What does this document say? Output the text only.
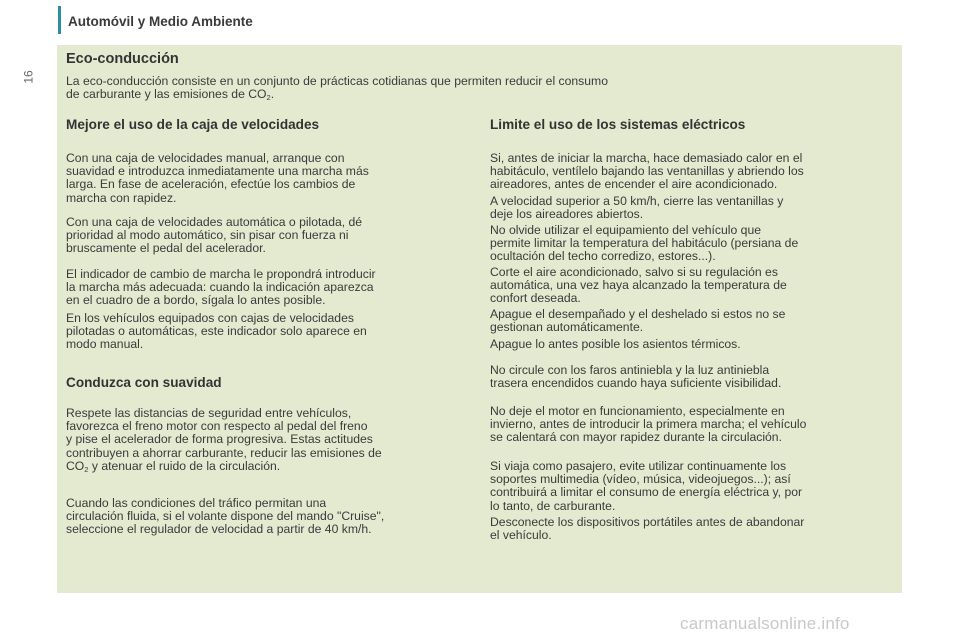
Automóvil y Medio Ambiente
16
Eco-conducción

La eco-conducción consiste en un conjunto de prácticas cotidianas que permiten reducir el consumo
de carburante y las emisiones de $CO_2$.

Mejore el uso de la caja de velocidades

Con una caja de velocidades manual, arranque con
suavidad e introduzca inmediatamente una marcha más
larga. En fase de aceleración, efectúe los cambios de
marcha con rapidez.

Con una caja de velocidades automática o pilotada, dé
prioridad al modo automático, sin pisar con fuerza ni
bruscamente el pedal del acelerador.

El indicador de cambio de marcha le propondrá introducir
la marcha más adecuada: cuando la indicación aparezca
en el cuadro de a bordo, sígala lo antes posible.

En los vehículos equipados con cajas de velocidades
pilotadas o automáticas, este indicador solo aparece en
modo manual.

Conduzca con suavidad

Respete las distancias de seguridad entre vehículos,
favorezca el freno motor con respecto al pedal del freno
y pise el acelerador de forma progresiva. Estas actitudes
contribuyen a ahorrar carburante, reducir las emisiones de
$CO_2$ y atenuar el ruido de la circulación.

Cuando las condiciones del tráfico permitan una
circulación fluida, si el volante dispone del mando "Cruise",
seleccione el regulador de velocidad a partir de 40 km/h.

Limite el uso de los sistemas eléctricos

Si, antes de iniciar la marcha, hace demasiado calor en el
habitáculo, ventílelo bajando las ventanillas y abriendo los
aireadores, antes de encender el aire acondicionado.

A velocidad superior a 50 km/h, cierre las ventanillas y
deje los aireadores abiertos.

No olvide utilizar el equipamiento del vehículo que
permite limitar la temperatura del habitáculo (persiana de
ocultación del techo corredizo, estores...).

Corte el aire acondicionado, salvo si su regulación es
automática, una vez haya alcanzado la temperatura de
confort deseada.

Apague el desempañado y el deshelado si estos no se
gestionan automáticamente.

Apague lo antes posible los asientos térmicos.

No circule con los faros antiniebla y la luz antiniebla
trasera encendidos cuando haya suficiente visibilidad.

No deje el motor en funcionamiento, especialmente en
invierno, antes de introducir la primera marcha; el vehículo
se calentará con mayor rapidez durante la circulación.

Si viaja como pasajero, evite utilizar continuamente los
soportes multimedia (vídeo, música, videojuegos...); así
contribuirá a limitar el consumo de energía eléctrica y, por
lo tanto, de carburante.

Desconecte los dispositivos portátiles antes de abandonar
el vehículo.

carmanualsonline.info
